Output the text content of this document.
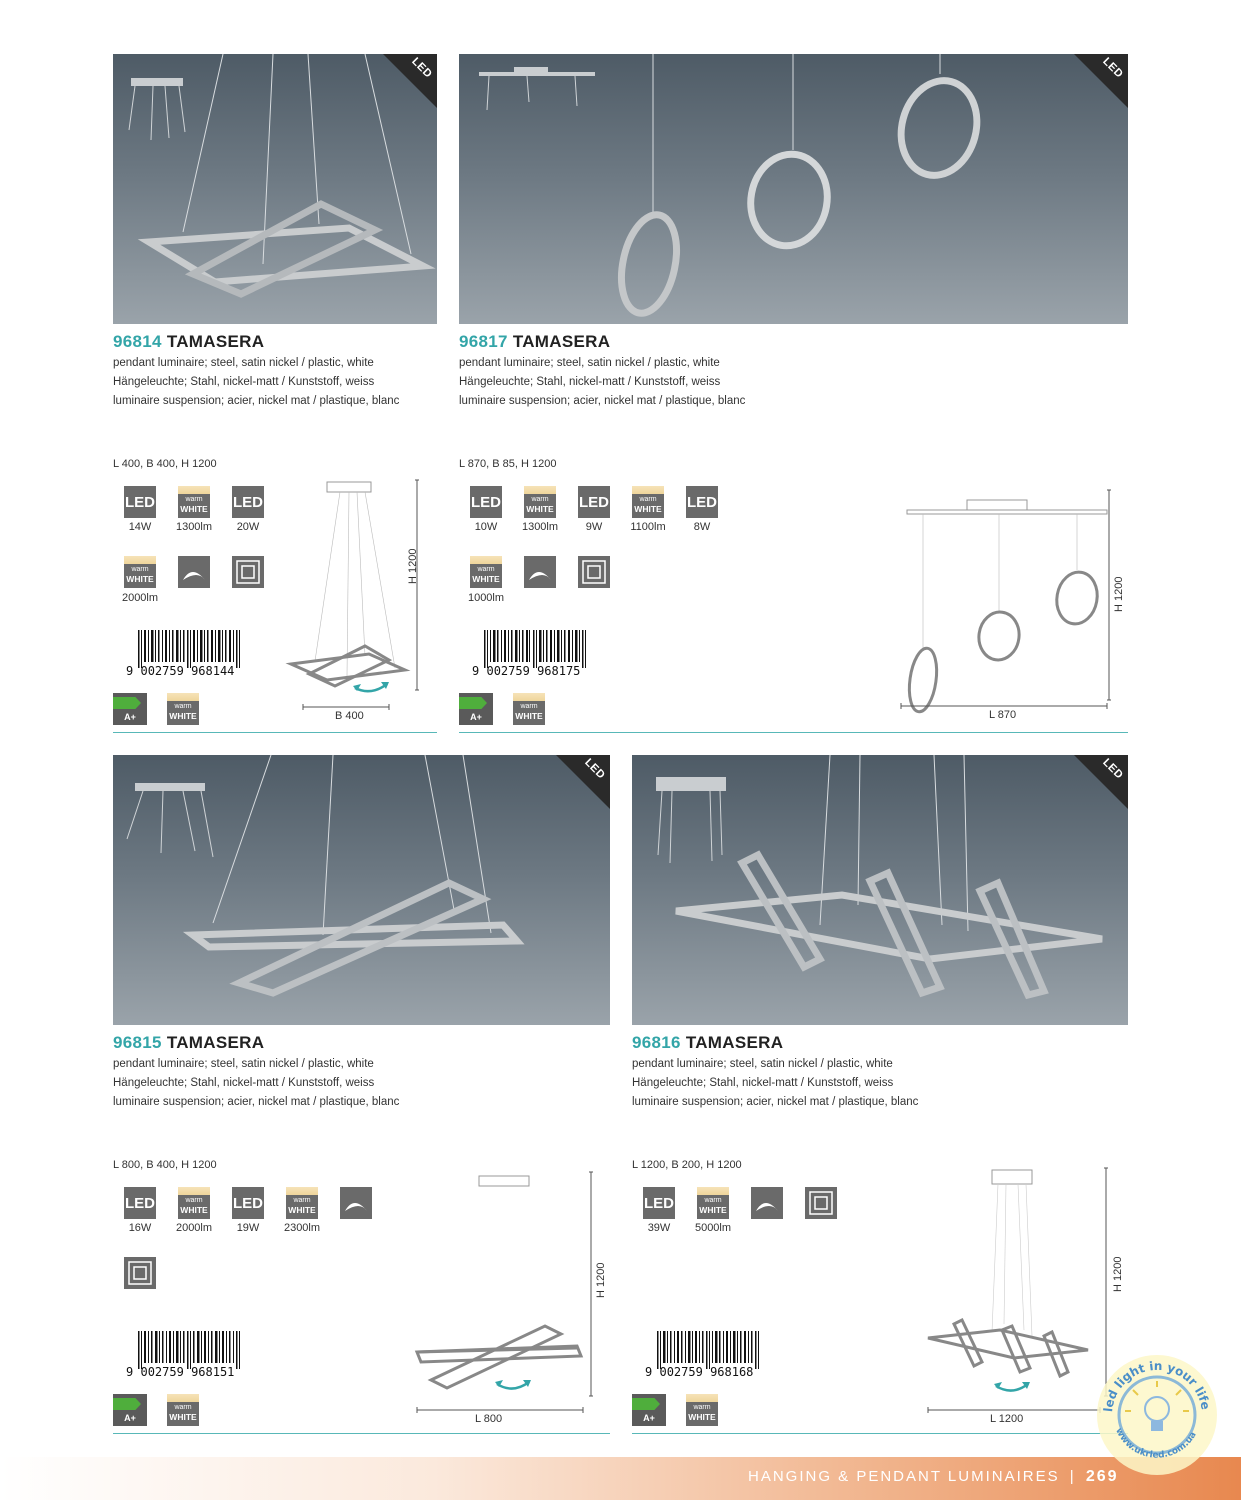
LED
96814 TAMASERA
pendant luminaire; steel, satin nickel / plastic, white
Hängeleuchte; Stahl, nickel-matt / Kunststoff, weiss
luminaire suspension; acier, nickel mat / plastique, blanc
L 400, B 400, H 1200
LED
14W
warm
WHITE
1300lm
LED
20W
warm
WHITE
2000lm
9 002759 968144
A+
warm
WHITE
H 1200
B 400
LED
96817 TAMASERA
pendant luminaire; steel, satin nickel / plastic, white
Hängeleuchte; Stahl, nickel-matt / Kunststoff, weiss
luminaire suspension; acier, nickel mat / plastique, blanc
L 870, B 85, H 1200
LED
10W
warm
WHITE
1300lm
LED
9W
warm
WHITE
1100lm
LED
8W
warm
WHITE
1000lm
9 002759 968175
A+
warm
WHITE
H 1200
L 870
LED
96815 TAMASERA
pendant luminaire; steel, satin nickel / plastic, white
Hängeleuchte; Stahl, nickel-matt / Kunststoff, weiss
luminaire suspension; acier, nickel mat / plastique, blanc
L 800, B 400, H 1200
LED
16W
warm
WHITE
2000lm
LED
19W
warm
WHITE
2300lm
9 002759 968151
A+
warm
WHITE
H 1200
L 800
LED
96816 TAMASERA
pendant luminaire; steel, satin nickel / plastic, white
Hängeleuchte; Stahl, nickel-matt / Kunststoff, weiss
luminaire suspension; acier, nickel mat / plastique, blanc
L 1200, B 200, H 1200
LED
39W
warm
WHITE
5000lm
9 002759 968168
A+
warm
WHITE
H 1200
L 1200
HANGING & PENDANT LUMINAIRES | 269
led light in your life
www.ukrled.com.ua
